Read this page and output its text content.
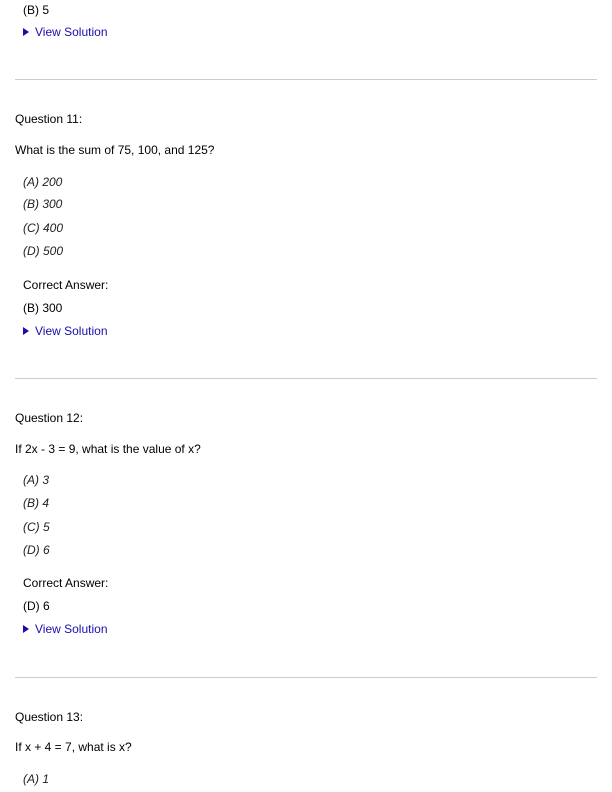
(B) 5
View Solution
Question 11:
What is the sum of 75, 100, and 125?
(A) 200
(B) 300
(C) 400
(D) 500
Correct Answer:
(B) 300
View Solution
Question 12:
If 2x - 3 = 9, what is the value of x?
(A) 3
(B) 4
(C) 5
(D) 6
Correct Answer:
(D) 6
View Solution
Question 13:
If x + 4 = 7, what is x?
(A) 1
